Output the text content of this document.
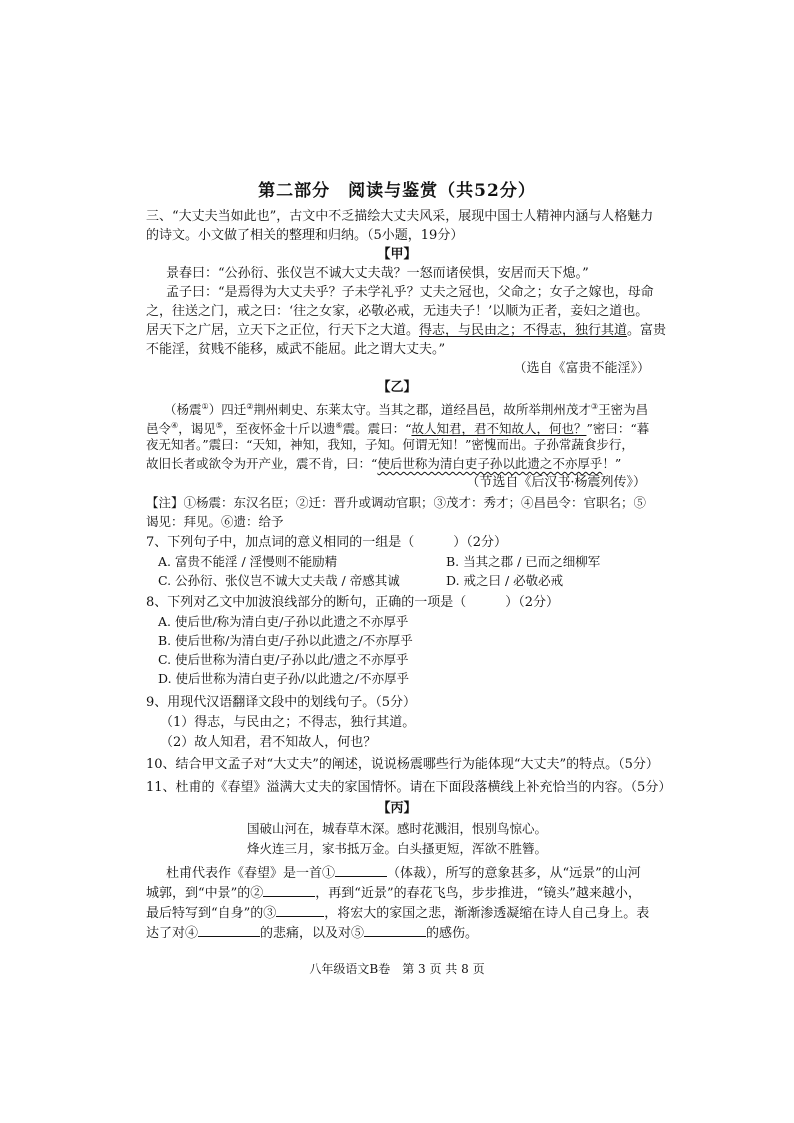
第二部分　阅读与鉴赏（共52分）
三、“大丈夫当如此也”，古文中不乏描绘大丈夫风采，展现中国士人精神内涵与人格魅力
的诗文。小文做了相关的整理和归纳。（5小题，19分）
【甲】
景春曰：“公孙衍、张仪岂不诚大丈夫哉？一怒而诸侯惧，安居而天下熄。”
孟子曰：“是焉得为大丈夫乎？子未学礼乎？丈夫之冠也，父命之；女子之嫁也，母命
之，往送之门，戒之曰：‘往之女家，必敬必戒，无违夫子！’以顺为正者，妾妇之道也。
居天下之广居，立天下之正位，行天下之大道。得志，与民由之；不得志，独行其道。富贵
不能淫，贫贱不能移，威武不能屈。此之谓大丈夫。”
（选自《富贵不能淫》）
【乙】
（杨震①）四迁②荆州刺史、东莱太守。当其之郡，道经昌邑，故所举荆州茂才③王密为昌
邑令④，谒见⑤，至夜怀金十斤以遗⑥震。震曰：“故人知君，君不知故人，何也？”密曰：“暮
夜无知者。”震曰：“天知，神知，我知，子知。何谓无知！”密愧而出。子孙常蔬食步行，
故旧长者或欲令为开产业，震不肯，曰：“使后世称为清白吏子孙以此遗之不亦厚乎！”
（节选自《后汉书·杨震列传》）
【注】①杨震：东汉名臣；②迁：晋升或调动官职；③茂才：秀才；④昌邑令：官职名；⑤
谒见：拜见。⑥遗：给予
7、下列句子中，加点词的意义相同的一组是（　　　）（2分）
A. 富贵不能淫 / 淫慢则不能励精	B. 当其之郡 / 已而之细柳军
C. 公孙衍、张仪岂不诚大丈夫哉 / 帝感其诚	D. 戒之曰 / 必敬必戒
8、下列对乙文中加波浪线部分的断句，正确的一项是（　　　）（2分）
A. 使后世/称为清白吏/子孙以此遗之不亦厚乎
B. 使后世称/为清白吏/子孙以此遗之/不亦厚乎
C. 使后世称为清白吏/子孙以此/遗之不亦厚乎
D. 使后世称为清白吏子孙/以此遗之/不亦厚乎
9、用现代汉语翻译文段中的划线句子。（5分）
（1）得志，与民由之；不得志，独行其道。
（2）故人知君，君不知故人，何也？
10、结合甲文孟子对“大丈夫”的阐述，说说杨震哪些行为能体现“大丈夫”的特点。（5分）
11、杜甫的《春望》溢满大丈夫的家国情怀。请在下面段落横线上补充恰当的内容。（5分）
【丙】
国破山河在，城春草木深。感时花溅泪，恨别鸟惊心。
烽火连三月，家书抵万金。白头搔更短，浑欲不胜簪。
杜甫代表作《春望》是一首①	（体裁），所写的意象甚多，从“远景”的山河
城郭，到“中景”的②	，再到“近景”的春花飞鸟，步步推进，“镜头”越来越小，
最后特写到“自身”的③	，将宏大的家国之悲，渐渐渗透凝缩在诗人自己身上。表
达了对④	的悲痛，以及对⑤	的感伤。
八年级语文B卷　第 3 页 共 8 页
